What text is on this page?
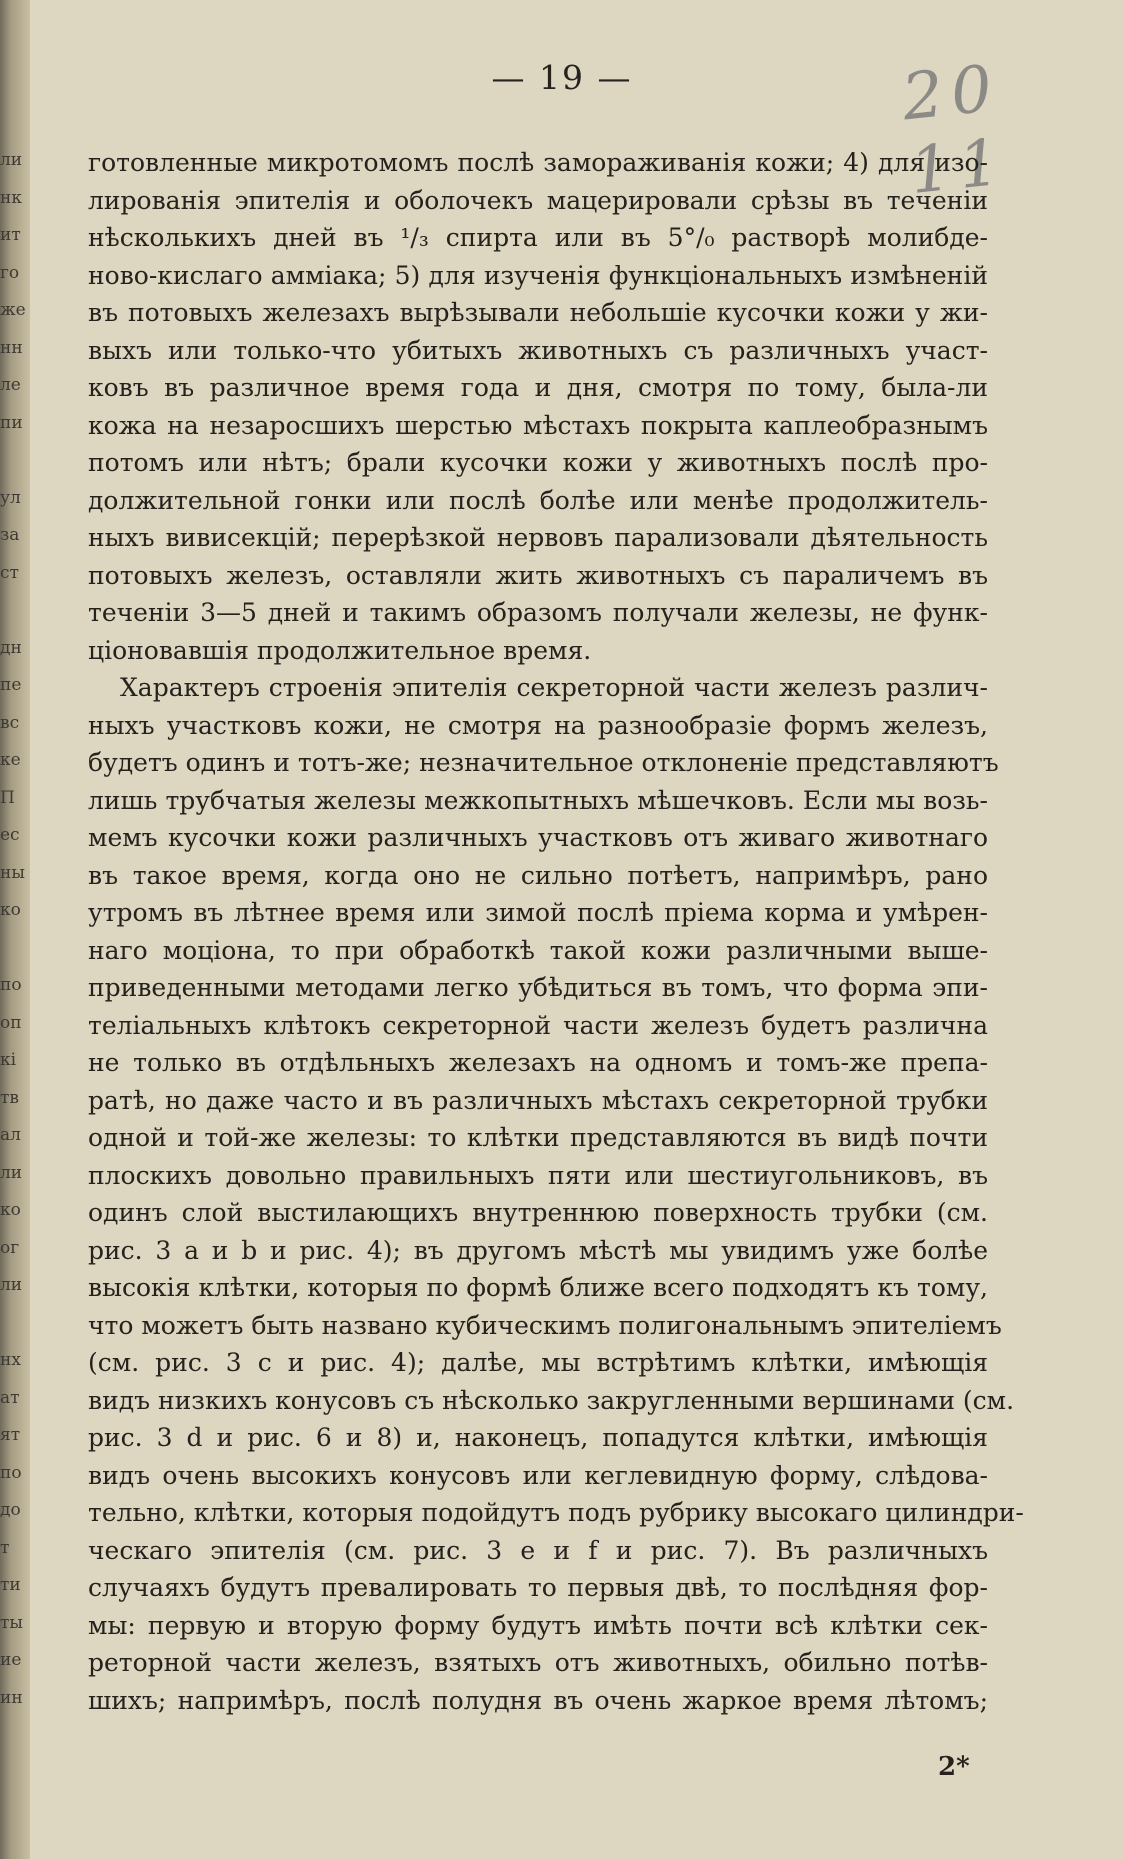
ли
нк
ит
го
же
нн
ле
пи
ул
за
ст
дн
пе
вс
ке
П
ес
ны
ко
по
оп
кі
тв
ал
ли
ко
ог
ли
нх
ат
ят
по
до
т
ти
ты
ие
ин
— 19 —	20 11
готовленные микротомомъ послѣ замораживанія кожи; 4) для изо-
лированія эпителія и оболочекъ мацерировали срѣзы въ теченіи
нѣсколькихъ дней въ ¹/₃ спирта или въ 5°/₀ растворѣ молибде-
ново-кислаго аммiака; 5) для изученія функціональныхъ измѣненій
въ потовыхъ железахъ вырѣзывали небольшіе кусочки кожи у жи-
выхъ или только-что убитыхъ животныхъ съ различныхъ участ-
ковъ въ различное время года и дня, смотря по тому, была-ли
кожа на незаросшихъ шерстью мѣстахъ покрыта каплеобразнымъ
потомъ или нѣтъ; брали кусочки кожи у животныхъ послѣ про-
должительной гонки или послѣ болѣе или менѣе продолжитель-
ныхъ вивисекцій; перерѣзкой нервовъ парализовали дѣятельность
потовыхъ железъ, оставляли жить животныхъ съ параличемъ въ
теченіи 3—5 дней и такимъ образомъ получали железы, не функ-
ціоновавшія продолжительное время.
Характеръ строенія эпителія секреторной части железъ различ-
ныхъ участковъ кожи, не смотря на разнообразіе формъ железъ,
будетъ одинъ и тотъ-же; незначительное отклоненіе представляютъ
лишь трубчатыя железы межкопытныхъ мѣшечковъ. Если мы возь-
мемъ кусочки кожи различныхъ участковъ отъ живаго животнаго
въ такое время, когда оно не сильно потѣетъ, напримѣръ, рано
утромъ въ лѣтнее время или зимой послѣ пріема корма и умѣрен-
наго моціона, то при обработкѣ такой кожи различными выше-
приведенными методами легко убѣдиться въ томъ, что форма эпи-
теліальныхъ клѣтокъ секреторной части железъ будетъ различна
не только въ отдѣльныхъ железахъ на одномъ и томъ-же препа-
ратѣ, но даже часто и въ различныхъ мѣстахъ секреторной трубки
одной и той-же железы: то клѣтки представляются въ видѣ почти
плоскихъ довольно правильныхъ пяти или шестиугольниковъ, въ
одинъ слой выстилающихъ внутреннюю поверхность трубки (см.
рис. 3 а и b и рис. 4); въ другомъ мѣстѣ мы увидимъ уже болѣе
высокія клѣтки, которыя по формѣ ближе всего подходятъ къ тому,
что можетъ быть названо кубическимъ полигональнымъ эпителіемъ
(см. рис. 3 с и рис. 4); далѣе, мы встрѣтимъ клѣтки, имѣющія
видъ низкихъ конусовъ съ нѣсколько закругленными вершинами (см.
рис. 3 d и рис. 6 и 8) и, наконецъ, попадутся клѣтки, имѣющія
видъ очень высокихъ конусовъ или кеглевидную форму, слѣдова-
тельно, клѣтки, которыя подойдутъ подъ рубрику высокаго цилиндри-
ческаго эпителія (см. рис. 3 е и f и рис. 7). Въ различныхъ
случаяхъ будутъ превалировать то первыя двѣ, то послѣдняя фор-
мы: первую и вторую форму будутъ имѣть почти всѣ клѣтки сек-
реторной части железъ, взятыхъ отъ животныхъ, обильно потѣв-
шихъ; напримѣръ, послѣ полудня въ очень жаркое время лѣтомъ;
2*
